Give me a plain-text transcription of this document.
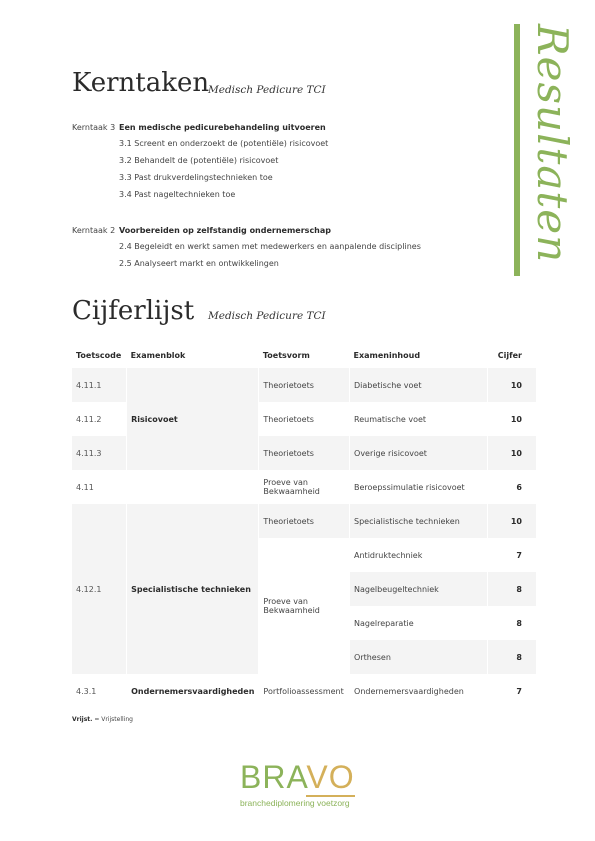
Resultaten
Kerntaken
Medisch Pedicure TCI
Kerntaak 3 Een medische pedicurebehandeling uitvoeren
3.1 Screent en onderzoekt de (potentiële) risicovoet
3.2 Behandelt de (potentiële) risicovoet
3.3 Past drukverdelingstechnieken toe
3.4 Past nageltechnieken toe
Kerntaak 2 Voorbereiden op zelfstandig ondernemerschap
2.4 Begeleidt en werkt samen met medewerkers en aanpalende disciplines
2.5 Analyseert markt en ontwikkelingen
Cijferlijst Medisch Pedicure TCI
Toetscode	Examenblok	Toetsvorm	Exameninhoud	Cijfer
4.11.1	Risicovoet	Theorietoets	Diabetische voet	10
4.11.2		Theorietoets	Reumatische voet	10
4.11.3		Theorietoets	Overige risicovoet	10
4.11		Proeve van Bekwaamheid	Beroepssimulatie risicovoet	6
4.12.1	Specialistische technieken	Theorietoets	Specialistische technieken	10
		Proeve van Bekwaamheid	Antidruktechniek	7
			Nagelbeugeltechniek	8
			Nagelreparatie	8
			Orthesen	8
4.3.1	Ondernemersvaardigheden	Portfolioassessment	Ondernemersvaardigheden	7
Vrijst. = Vrijstelling
BRAVO
branchediplomering voetzorg
